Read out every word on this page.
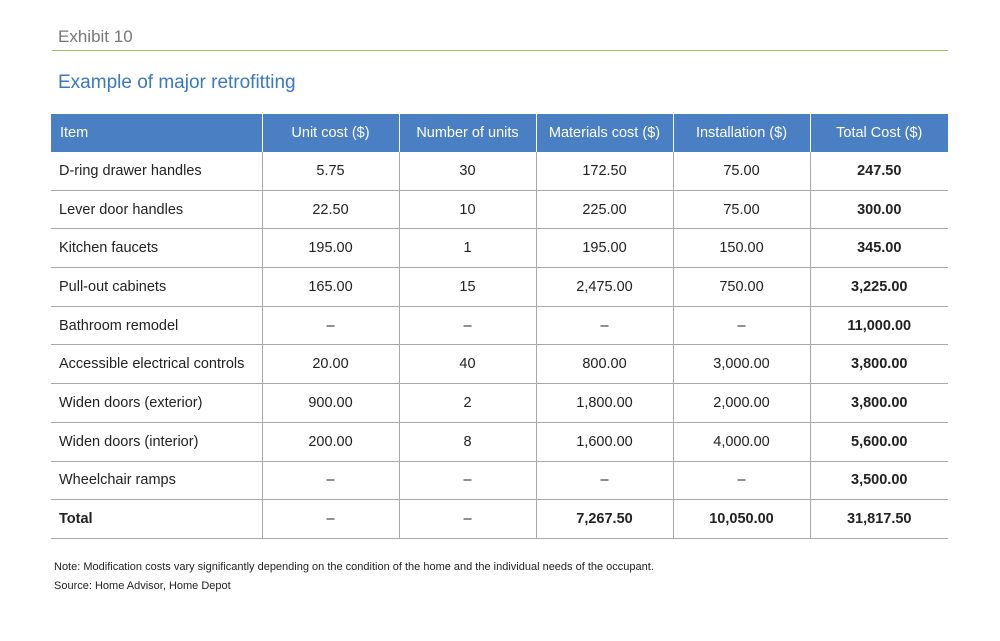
Exhibit 10
Example of major retrofitting
Item	Unit cost ($)	Number of units	Materials cost ($)	Installation ($)	Total Cost ($)
D-ring drawer handles	5.75	30	172.50	75.00	247.50
Lever door handles	22.50	10	225.00	75.00	300.00
Kitchen faucets	195.00	1	195.00	150.00	345.00
Pull-out cabinets	165.00	15	2,475.00	750.00	3,225.00
Bathroom remodel	–	–	–	–	11,000.00
Accessible electrical controls	20.00	40	800.00	3,000.00	3,800.00
Widen doors (exterior)	900.00	2	1,800.00	2,000.00	3,800.00
Widen doors (interior)	200.00	8	1,600.00	4,000.00	5,600.00
Wheelchair ramps	–	–	–	–	3,500.00
Total	–	–	7,267.50	10,050.00	31,817.50
Note: Modification costs vary significantly depending on the condition of the home and the individual needs of the occupant.
Source: Home Advisor, Home Depot
